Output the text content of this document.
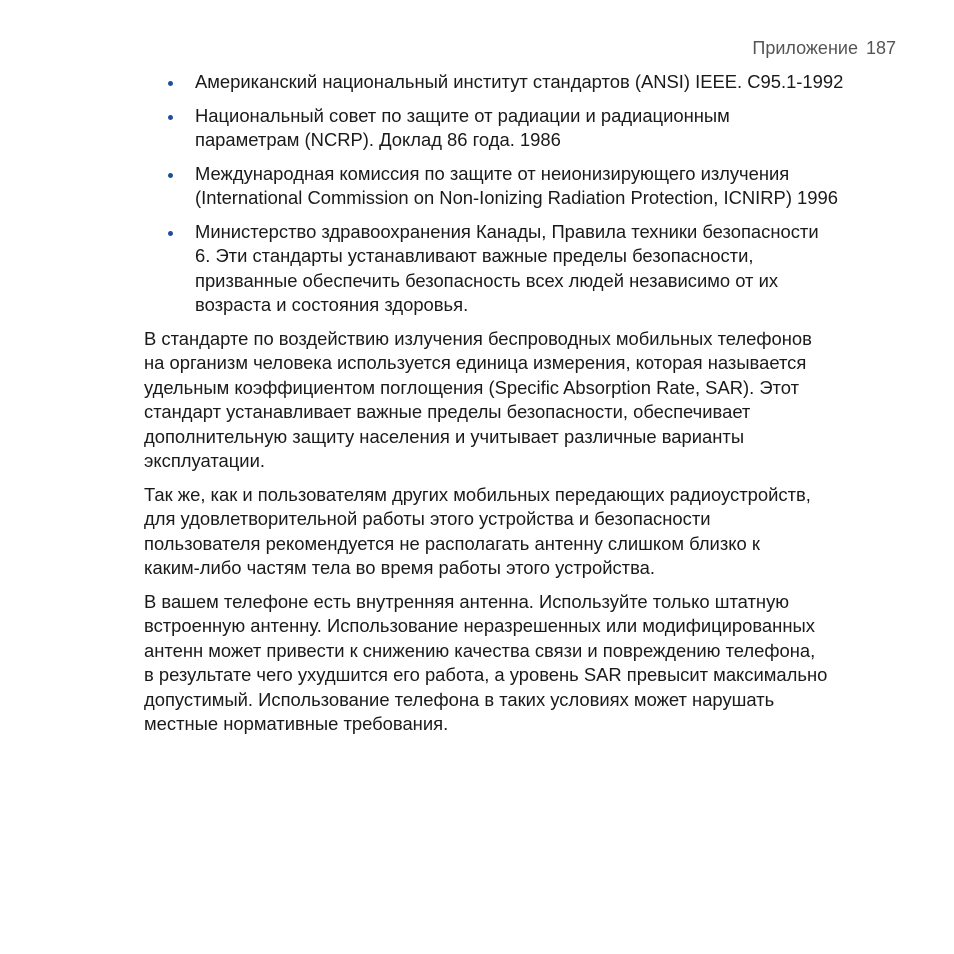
Приложение 187
Американский национальный институт стандартов (ANSI) IEEE. C95.1-1992
Национальный совет по защите от радиации и радиационным
параметрам (NCRP). Доклад 86 года. 1986
Международная комиссия по защите от неионизирующего излучения
(International Commission on Non-Ionizing Radiation Protection, ICNIRP) 1996
Министерство здравоохранения Канады, Правила техники безопасности
6. Эти стандарты устанавливают важные пределы безопасности,
призванные обеспечить безопасность всех людей независимо от их
возраста и состояния здоровья.

В стандарте по воздействию излучения беспроводных мобильных телефонов
на организм человека используется единица измерения, которая называется
удельным коэффициентом поглощения (Specific Absorption Rate, SAR). Этот
стандарт устанавливает важные пределы безопасности, обеспечивает
дополнительную защиту населения и учитывает различные варианты
эксплуатации.

Так же, как и пользователям других мобильных передающих радиоустройств,
для удовлетворительной работы этого устройства и безопасности
пользователя рекомендуется не располагать антенну слишком близко к
каким-либо частям тела во время работы этого устройства.

В вашем телефоне есть внутренняя антенна. Используйте только штатную
встроенную антенну. Использование неразрешенных или модифицированных
антенн может привести к снижению качества связи и повреждению телефона,
в результате чего ухудшится его работа, а уровень SAR превысит максимально
допустимый. Использование телефона в таких условиях может нарушать
местные нормативные требования.
